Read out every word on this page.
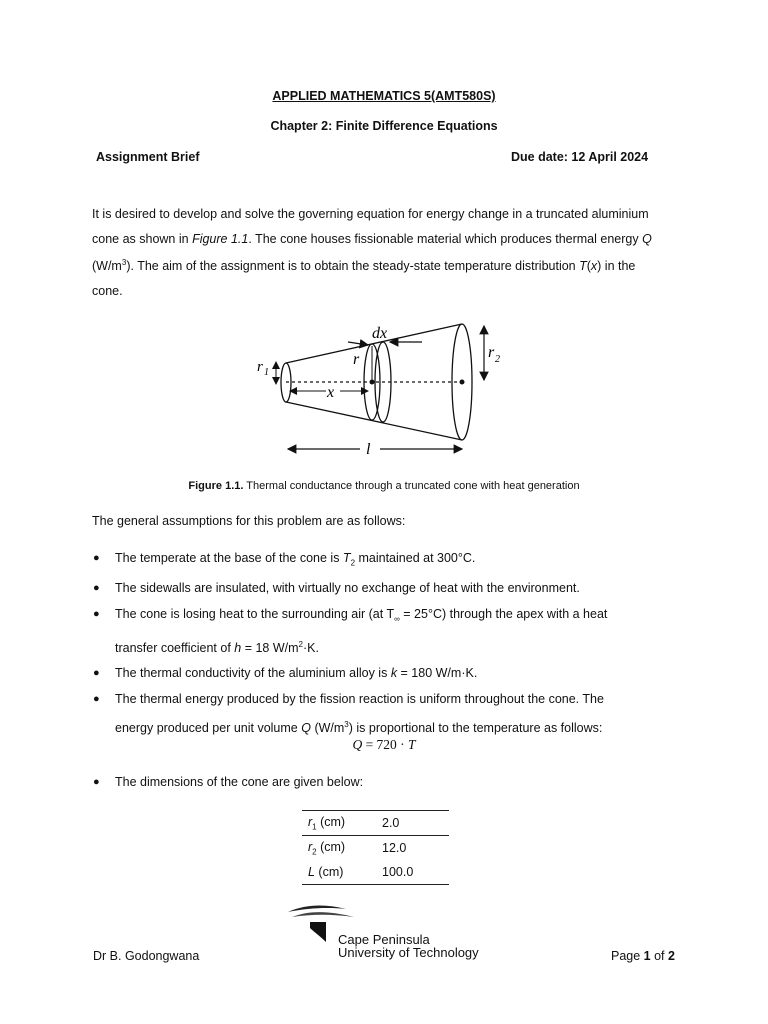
APPLIED MATHEMATICS 5(AMT580S)
Chapter 2: Finite Difference Equations
Assignment Brief	Due date: 12 April 2024
It is desired to develop and solve the governing equation for energy change in a truncated aluminium
cone as shown in Figure 1.1. The cone houses fissionable material which produces thermal energy Q
$(W/m^3)$. The aim of the assignment is to obtain the steady-state temperature distribution T(x) in the
cone.
dx
r
r 1
r 2
x
l
Figure 1.1. Thermal conductance through a truncated cone with heat generation
The general assumptions for this problem are as follows:
● The temperate at the base of the cone is $T_2$ maintained at 300°C.
● The sidewalls are insulated, with virtually no exchange of heat with the environment.
● The cone is losing heat to the surrounding air (at $T_\infty = 25^\circ C$) through the apex with a heat
transfer coefficient of h = 18 $W/m^2\cdot K$.
● The thermal conductivity of the aluminium alloy is k = 180 W/m·K.
● The thermal energy produced by the fission reaction is uniform throughout the cone. The
energy produced per unit volume Q $(W/m^3)$ is proportional to the temperature as follows:
Q = 720 · T
● The dimensions of the cone are given below:
$r_1$ (cm)	2.0
$r_2$ (cm)	12.0
L (cm)	100.0
Dr B. Godongwana
Cape Peninsula
University of Technology	Page 1 of 2
